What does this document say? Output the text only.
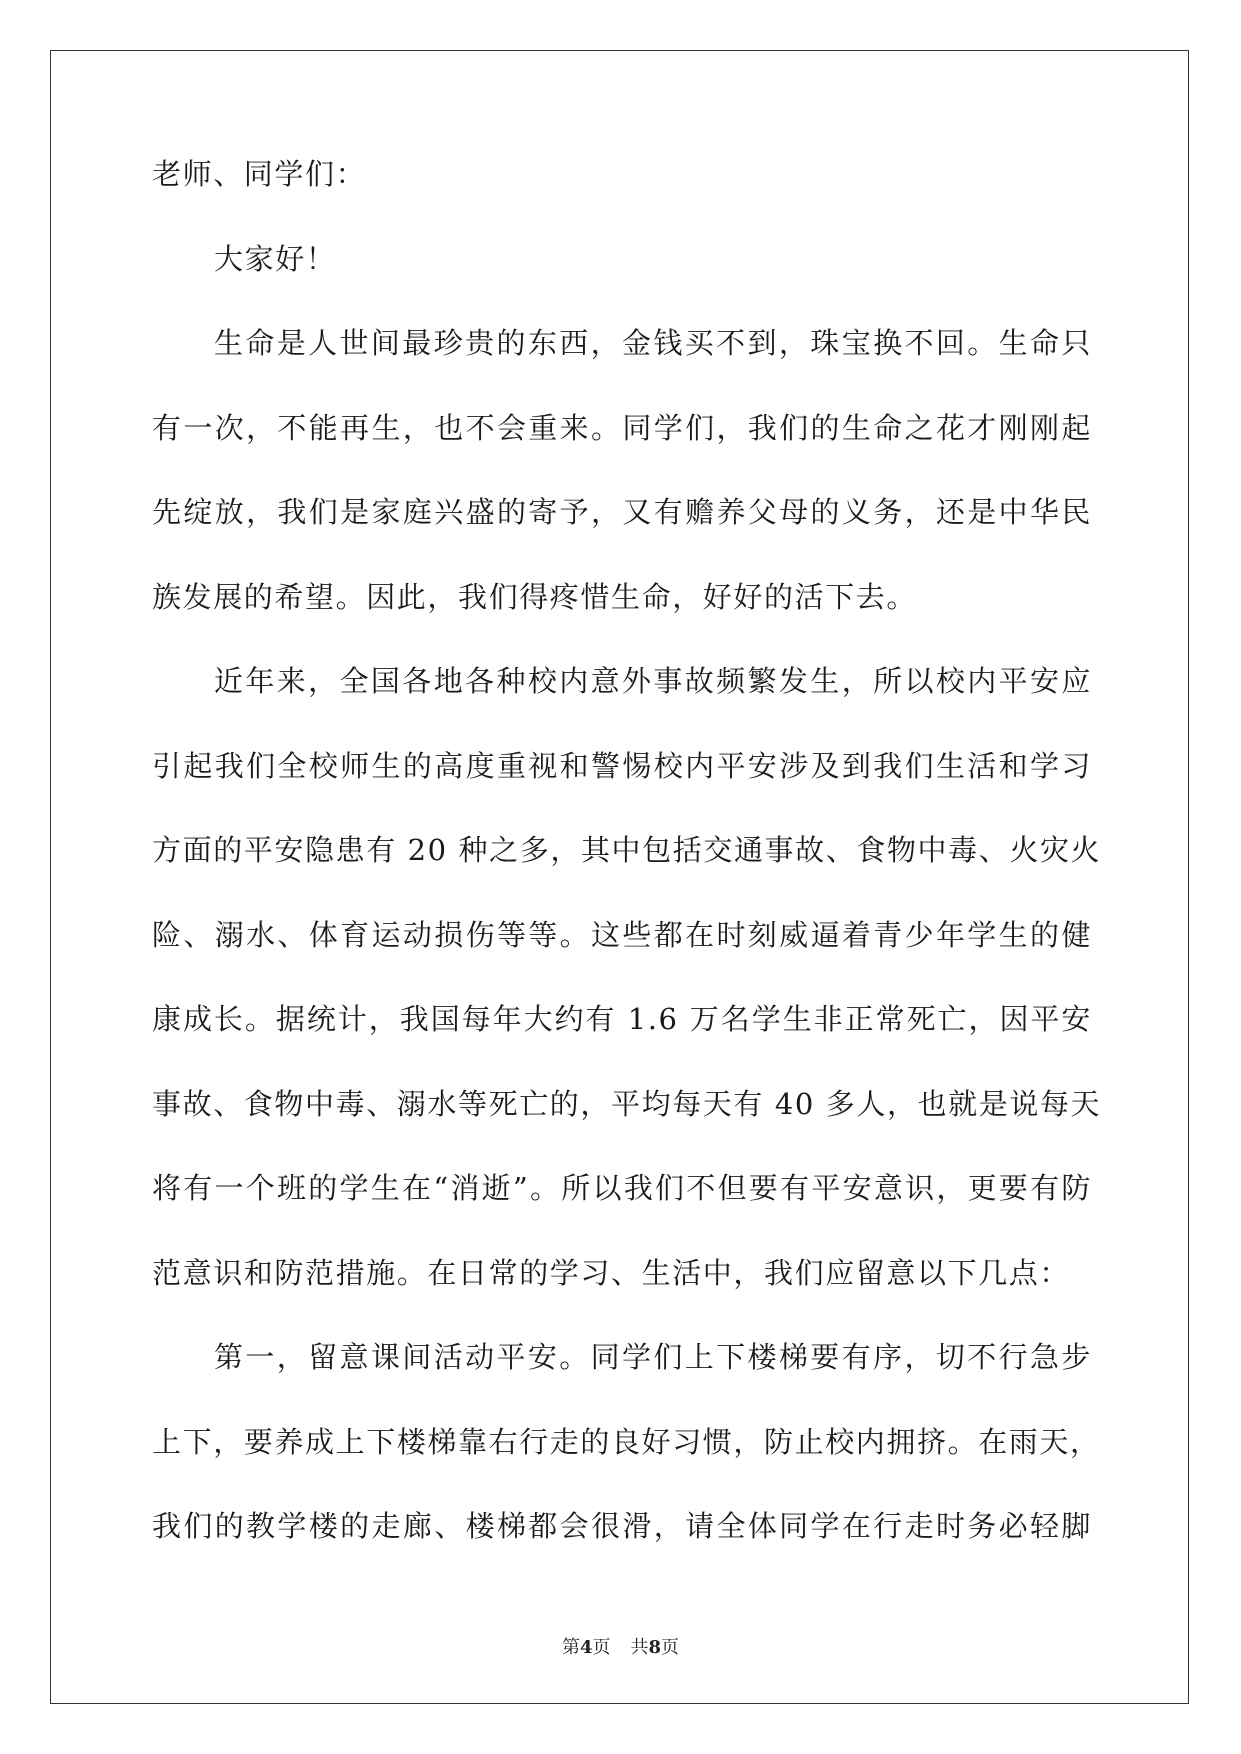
老师、同学们：
大家好！
生命是人世间最珍贵的东西，金钱买不到，珠宝换不回。生命只
有一次，不能再生，也不会重来。同学们，我们的生命之花才刚刚起
先绽放，我们是家庭兴盛的寄予，又有赡养父母的义务，还是中华民
族发展的希望。因此，我们得疼惜生命，好好的活下去。
近年来，全国各地各种校内意外事故频繁发生，所以校内平安应
引起我们全校师生的高度重视和警惕校内平安涉及到我们生活和学习
方面的平安隐患有 20 种之多，其中包括交通事故、食物中毒、火灾火
险、溺水、体育运动损伤等等。这些都在时刻威逼着青少年学生的健
康成长。据统计，我国每年大约有 1.6 万名学生非正常死亡，因平安
事故、食物中毒、溺水等死亡的，平均每天有 40 多人，也就是说每天
将有一个班的学生在“消逝”。所以我们不但要有平安意识，更要有防
范意识和防范措施。在日常的学习、生活中，我们应留意以下几点：
第一，留意课间活动平安。同学们上下楼梯要有序，切不行急步
上下，要养成上下楼梯靠右行走的良好习惯，防止校内拥挤。在雨天，
我们的教学楼的走廊、楼梯都会很滑，请全体同学在行走时务必轻脚
第4页 共8页
